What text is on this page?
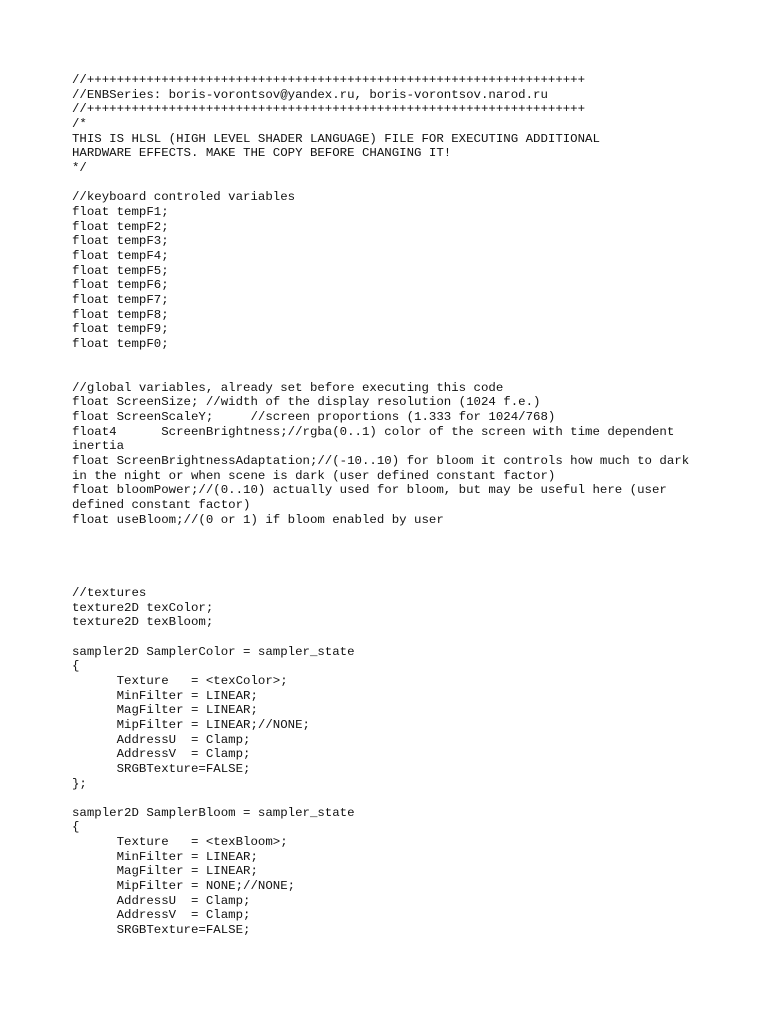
//+++++++++++++++++++++++++++++++++++++++++++++++++++++++++++++++++++
//ENBSeries: boris-vorontsov@yandex.ru, boris-vorontsov.narod.ru
//+++++++++++++++++++++++++++++++++++++++++++++++++++++++++++++++++++
/*
THIS IS HLSL (HIGH LEVEL SHADER LANGUAGE) FILE FOR EXECUTING ADDITIONAL
HARDWARE EFFECTS. MAKE THE COPY BEFORE CHANGING IT!
*/
//keyboard controled variables
float tempF1;
float tempF2;
float tempF3;
float tempF4;
float tempF5;
float tempF6;
float tempF7;
float tempF8;
float tempF9;
float tempF0;
//global variables, already set before executing this code
float ScreenSize; //width of the display resolution (1024 f.e.)
float ScreenScaleY;     //screen proportions (1.333 for 1024/768)
float4      ScreenBrightness;//rgba(0..1) color of the screen with time dependent
inertia
float ScreenBrightnessAdaptation;//(-10..10) for bloom it controls how much to dark
in the night or when scene is dark (user defined constant factor)
float bloomPower;//(0..10) actually used for bloom, but may be useful here (user
defined constant factor)
float useBloom;//(0 or 1) if bloom enabled by user
//textures
texture2D texColor;
texture2D texBloom;
sampler2D SamplerColor = sampler_state
{
Texture   = <texColor>;
MinFilter = LINEAR;
MagFilter = LINEAR;
MipFilter = LINEAR;//NONE;
AddressU  = Clamp;
AddressV  = Clamp;
SRGBTexture=FALSE;
};
sampler2D SamplerBloom = sampler_state
{
Texture   = <texBloom>;
MinFilter = LINEAR;
MagFilter = LINEAR;
MipFilter = NONE;//NONE;
AddressU  = Clamp;
AddressV  = Clamp;
SRGBTexture=FALSE;
